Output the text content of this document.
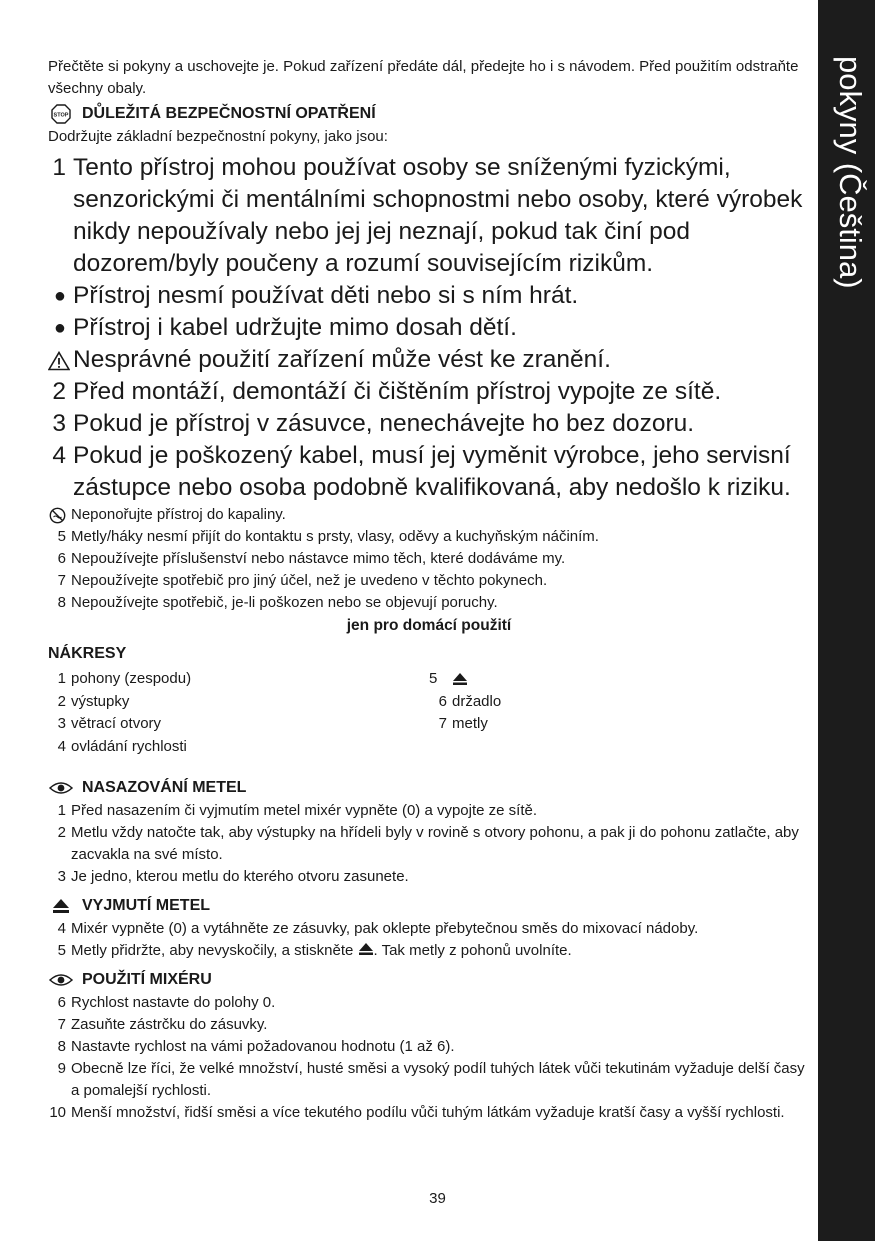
pokyny (Čeština)

Přečtěte si pokyny a uschovejte je. Pokud zařízení předáte dál, předejte ho i s návodem. Před použitím odstraňte všechny obaly.

STOP DŮLEŽITÁ BEZPEČNOSTNÍ OPATŘENÍ

Dodržujte základní bezpečnostní pokyny, jako jsou:

1 Tento přístroj mohou používat osoby se sníženými fyzickými, senzorickými či mentálními schopnostmi nebo osoby, které výrobek nikdy nepoužívaly nebo jej jej neznají, pokud tak činí pod dozorem/byly poučeny a rozumí souvisejícím rizikům.
● Přístroj nesmí používat děti nebo si s ním hrát.
● Přístroj i kabel udržujte mimo dosah dětí.
Nesprávné použití zařízení může vést ke zranění.
2 Před montáží, demontáží či čištěním přístroj vypojte ze sítě.
3 Pokud je přístroj v zásuvce, nenechávejte ho bez dozoru.
4 Pokud je poškozený kabel, musí jej vyměnit výrobce, jeho servisní zástupce nebo osoba podobně kvalifikovaná, aby nedošlo k riziku.
Neponořujte přístroj do kapaliny.
5 Metly/háky nesmí přijít do kontaktu s prsty, vlasy, oděvy a kuchyňským náčiním.
6 Nepoužívejte příslušenství nebo nástavce mimo těch, které dodáváme my.
7 Nepoužívejte spotřebič pro jiný účel, než je uvedeno v těchto pokynech.
8 Nepoužívejte spotřebič, je-li poškozen nebo se objevují poruchy.
jen pro domácí použití
NÁKRESY
1 pohony (zespodu)
2 výstupky
3 větrací otvory
4 ovládání rychlosti
5
6 držadlo
7 metly
NASAZOVÁNÍ METEL
1 Před nasazením či vyjmutím metel mixér vypněte (0) a vypojte ze sítě.
2 Metlu vždy natočte tak, aby výstupky na hřídeli byly v rovině s otvory pohonu, a pak ji do pohonu zatlačte, aby zacvakla na své místo.
3 Je jedno, kterou metlu do kterého otvoru zasunete.
VYJMUTÍ METEL
4 Mixér vypněte (0) a vytáhněte ze zásuvky, pak oklepte přebytečnou směs do mixovací nádoby.
5 Metly přidržte, aby nevyskočily, a stiskněte . Tak metly z pohonů uvolníte.
POUŽITÍ MIXÉRU
6 Rychlost nastavte do polohy 0.
7 Zasuňte zástrčku do zásuvky.
8 Nastavte rychlost na vámi požadovanou hodnotu (1 až 6).
9 Obecně lze říci, že velké množství, husté směsi a vysoký podíl tuhých látek vůči tekutinám vyžaduje delší časy a pomalejší rychlosti.
10 Menší množství, řidší směsi a více tekutého podílu vůči tuhým látkám vyžaduje kratší časy a vyšší rychlosti.
39
